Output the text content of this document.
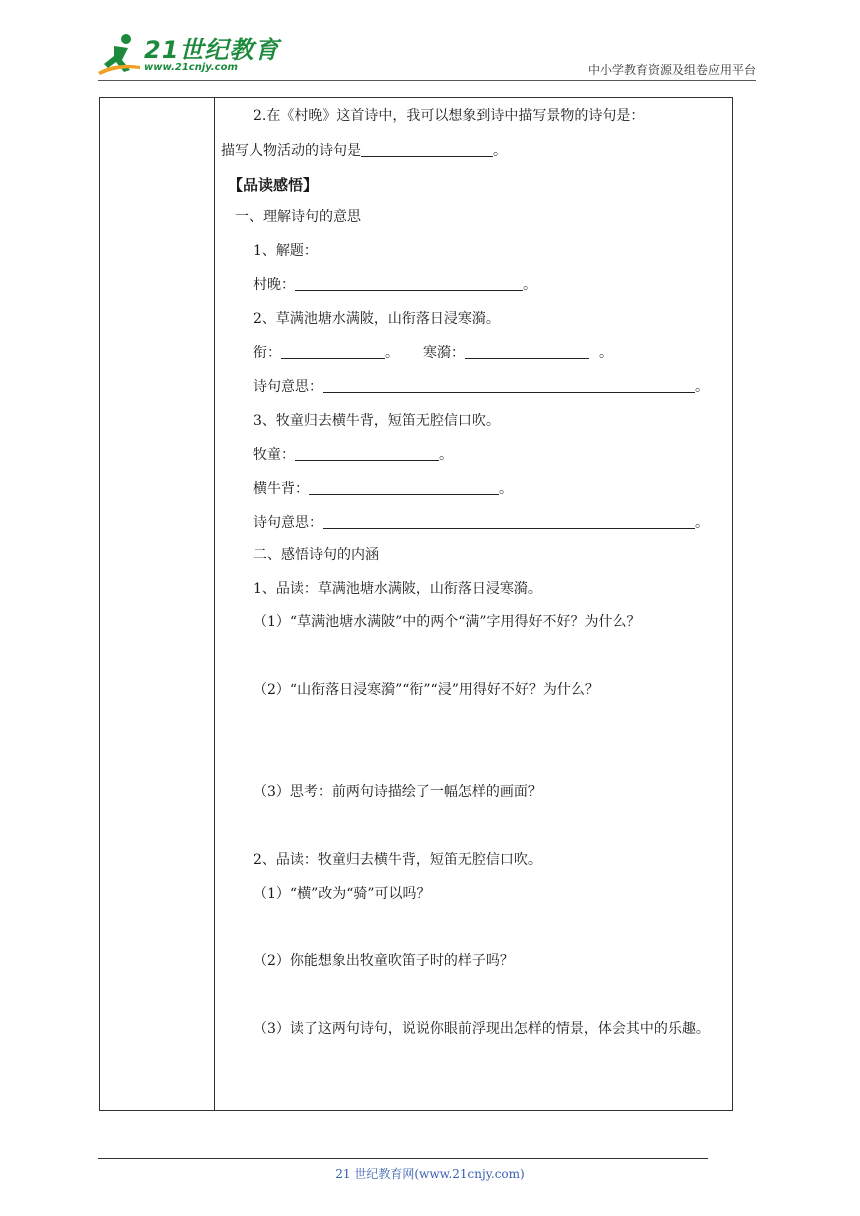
21世纪教育
www.21cnjy.com	中小学教育资源及组卷应用平台
2.在《村晚》这首诗中，我可以想象到诗中描写景物的诗句是：
描写人物活动的诗句是	。
【品读感悟】
一、理解诗句的意思
1、解题：
村晚：	。
2、草满池塘水满陂，山衔落日浸寒漪。
衔：	。 寒漪：	。
诗句意思：	。
3、牧童归去横牛背，短笛无腔信口吹。
牧童：	。
横牛背：	。
诗句意思：	。
二、感悟诗句的内涵
1、品读：草满池塘水满陂，山衔落日浸寒漪。
（1）“草满池塘水满陂”中的两个“满”字用得好不好？为什么？
（2）“山衔落日浸寒漪”“衔”“浸”用得好不好？为什么？
（3）思考：前两句诗描绘了一幅怎样的画面？
2、品读：牧童归去横牛背，短笛无腔信口吹。
（1）“横”改为“骑”可以吗？
（2）你能想象出牧童吹笛子时的样子吗？
（3）读了这两句诗句，说说你眼前浮现出怎样的情景，体会其中的乐趣。
21 世纪教育网(www.21cnjy.com)
